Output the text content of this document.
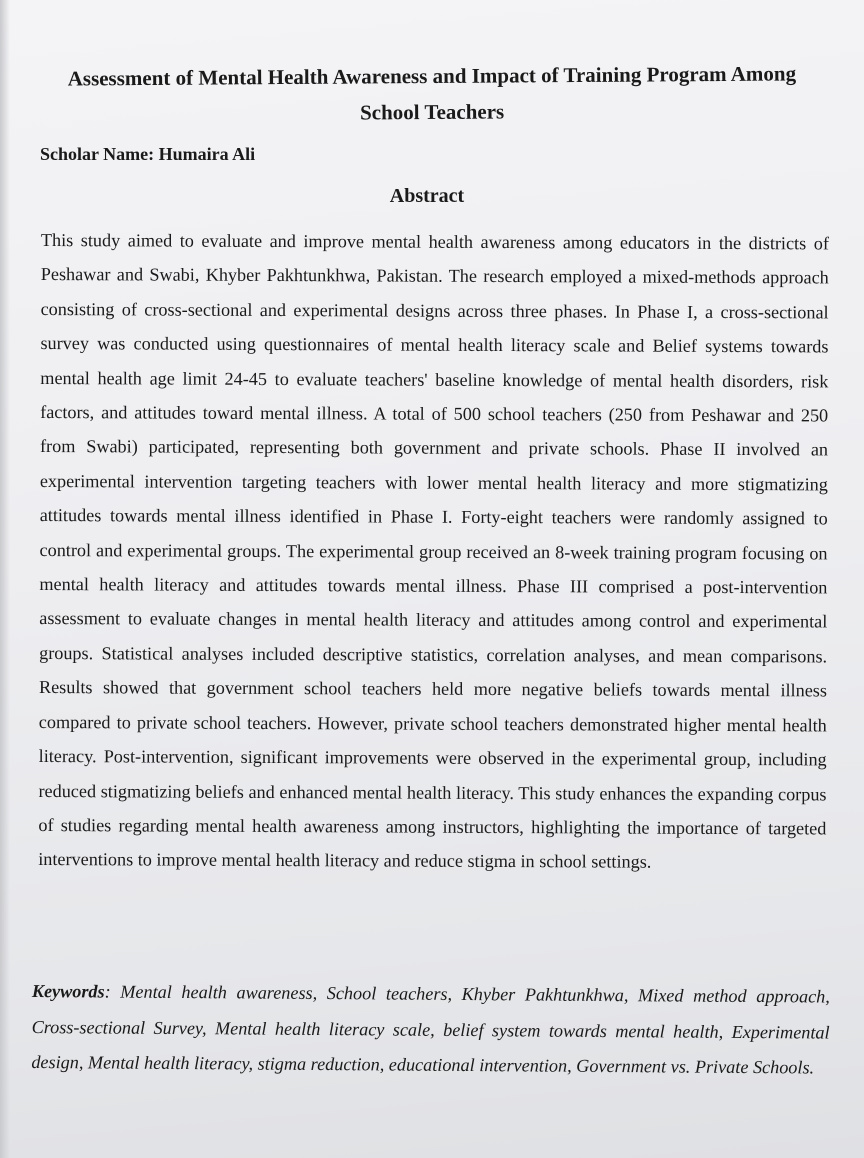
Assessment of Mental Health Awareness and Impact of Training Program Among School Teachers

Scholar Name: Humaira Ali

Abstract

This study aimed to evaluate and improve mental health awareness among educators in the districts of Peshawar and Swabi, Khyber Pakhtunkhwa, Pakistan. The research employed a mixed-methods approach consisting of cross-sectional and experimental designs across three phases. In Phase I, a cross-sectional survey was conducted using questionnaires of mental health literacy scale and Belief systems towards mental health age limit 24-45 to evaluate teachers' baseline knowledge of mental health disorders, risk factors, and attitudes toward mental illness. A total of 500 school teachers (250 from Peshawar and 250 from Swabi) participated, representing both government and private schools. Phase II involved an experimental intervention targeting teachers with lower mental health literacy and more stigmatizing attitudes towards mental illness identified in Phase I. Forty-eight teachers were randomly assigned to control and experimental groups. The experimental group received an 8-week training program focusing on mental health literacy and attitudes towards mental illness. Phase III comprised a post-intervention assessment to evaluate changes in mental health literacy and attitudes among control and experimental groups. Statistical analyses included descriptive statistics, correlation analyses, and mean comparisons. Results showed that government school teachers held more negative beliefs towards mental illness compared to private school teachers. However, private school teachers demonstrated higher mental health literacy. Post-intervention, significant improvements were observed in the experimental group, including reduced stigmatizing beliefs and enhanced mental health literacy. This study enhances the expanding corpus of studies regarding mental health awareness among instructors, highlighting the importance of targeted interventions to improve mental health literacy and reduce stigma in school settings.

Keywords: Mental health awareness, School teachers, Khyber Pakhtunkhwa, Mixed method approach, Cross-sectional Survey, Mental health literacy scale, belief system towards mental health, Experimental design, Mental health literacy, stigma reduction, educational intervention, Government vs. Private Schools.
